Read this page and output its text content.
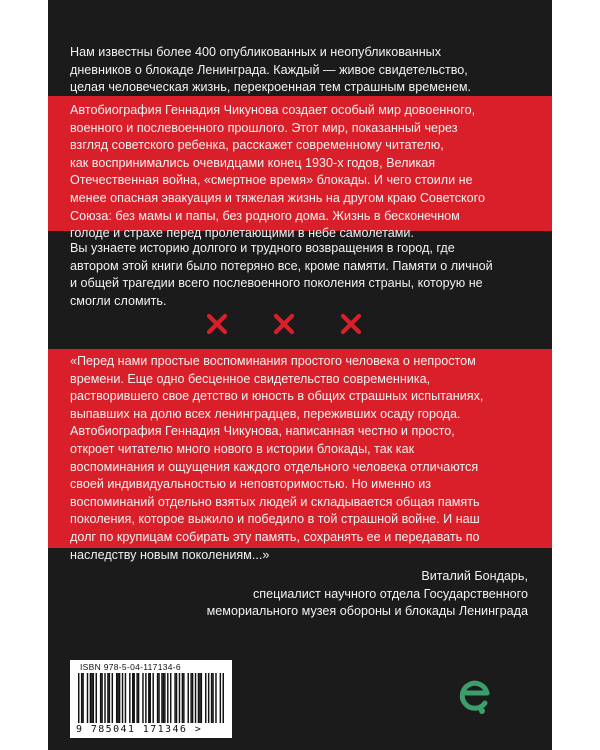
Нам известны более 400 опубликованных и неопубликованных
дневников о блокаде Ленинграда. Каждый — живое свидетельство,
целая человеческая жизнь, перекроенная тем страшным временем.
Автобиография Геннадия Чикунова создает особый мир довоенного,
военного и послевоенного прошлого. Этот мир, показанный через
взгляд советского ребенка, расскажет современному читателю,
как воспринимались очевидцами конец 1930-х годов, Великая
Отечественная война, «смертное время» блокады. И чего стоили не
менее опасная эвакуация и тяжелая жизнь на другом краю Советского
Союза: без мамы и папы, без родного дома. Жизнь в бесконечном
голоде и страхе перед пролетающими в небе самолетами.
Вы узнаете историю долгого и трудного возвращения в город, где
автором этой книги было потеряно все, кроме памяти. Памяти о личной
и общей трагедии всего послевоенного поколения страны, которую не
смогли сломить.
«Перед нами простые воспоминания простого человека о непростом
времени. Еще одно бесценное свидетельство современника,
растворившего свое детство и юность в общих страшных испытаниях,
выпавших на долю всех ленинградцев, переживших осаду города.
Автобиография Геннадия Чикунова, написанная честно и просто,
откроет читателю много нового в истории блокады, так как
воспоминания и ощущения каждого отдельного человека отличаются
своей индивидуальностью и неповторимостью. Но именно из
воспоминаний отдельно взятых людей и складывается общая память
поколения, которое выжило и победило в той страшной войне. И наш
долг по крупицам собирать эту память, сохранять ее и передавать по
наследству новым поколениям...»
Виталий Бондарь,
специалист научного отдела Государственного
мемориального музея обороны и блокады Ленинграда
ISBN 978-5-04-117134-6
9 785041 171346 >
